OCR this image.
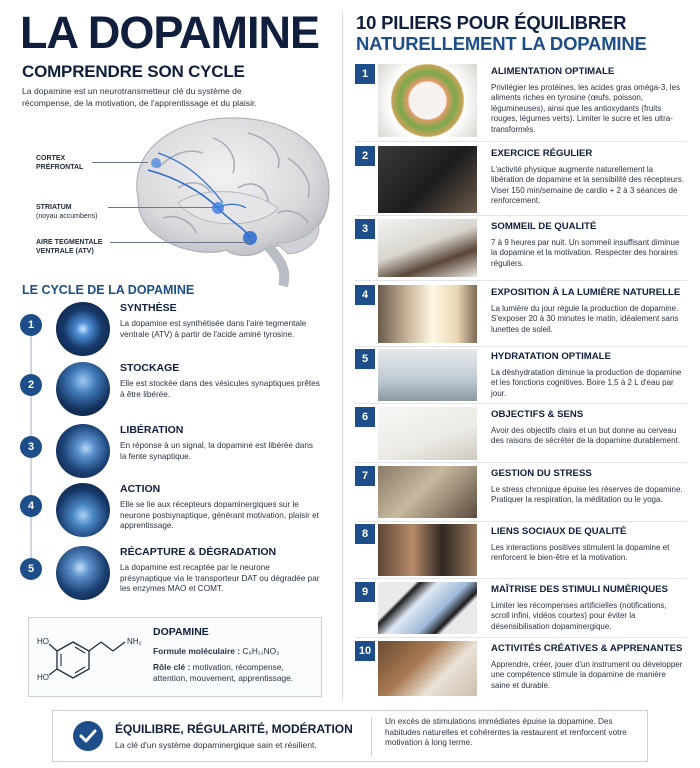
LA DOPAMINE
COMPRENDRE SON CYCLE
La dopamine est un neurotransmetteur clé du système de récompense, de la motivation, de l'apprentissage et du plaisir.
CORTEX
PRÉFRONTAL
STRIATUM
(noyau accumbens)
AIRE TEGMENTALE
VENTRALE (ATV)
LE CYCLE DE LA DOPAMINE
1
SYNTHÈSE

La dopamine est synthétisée dans l'aire tegmentale ventrale (ATV) à partir de l'acide aminé tyrosine.

2
STOCKAGE

Elle est stockée dans des vésicules synaptiques prêtes à être libérée.

3
LIBÉRATION

En réponse à un signal, la dopamine est libérée dans la fente synaptique.

4
ACTION

Elle se lie aux récepteurs dopaminergiques sur le neurone postsynaptique, générant motivation, plaisir et apprentissage.

5
RÉCAPTURE & DÉGRADATION

La dopamine est recaptée par le neurone présynaptique via le transporteur DAT ou dégradée par les enzymes MAO et COMT.

HO
HO
NH₂
DOPAMINE
Formule moléculaire : C₈H₁₁NO₂
Rôle clé : motivation, récompense, attention, mouvement, apprentissage.
10 PILIERS POUR ÉQUILIBRER
NATURELLEMENT LA DOPAMINE
1	ALIMENTATION OPTIMALE

Privilégier les protéines, les acides gras oméga-3, les aliments riches en tyrosine (œufs, poisson, légumineuses), ainsi que les antioxydants (fruits rouges, légumes verts). Limiter le sucre et les ultra-transformés.

2	EXERCICE RÉGULIER

L'activité physique augmente naturellement la libération de dopamine et la sensibilité des récepteurs. Viser 150 min/semaine de cardio + 2 à 3 séances de renforcement.

3	SOMMEIL DE QUALITÉ

7 à 9 heures par nuit. Un sommeil insuffisant diminue la dopamine et la motivation. Respecter des horaires réguliers.

4	EXPOSITION À LA LUMIÈRE NATURELLE

La lumière du jour régule la production de dopamine. S'exposer 20 à 30 minutes le matin, idéalement sans lunettes de soleil.

5	HYDRATATION OPTIMALE

La déshydratation diminue la production de dopamine et les fonctions cognitives. Boire 1,5 à 2 L d'eau par jour.

6	OBJECTIFS & SENS

Avoir des objectifs clairs et un but donne au cerveau des raisons de sécréter de la dopamine durablement.

7	GESTION DU STRESS

Le stress chronique épuise les réserves de dopamine. Pratiquer la respiration, la méditation ou le yoga.

8	LIENS SOCIAUX DE QUALITÉ

Les interactions positives stimulent la dopamine et renforcent le bien-être et la motivation.

9	MAÎTRISE DES STIMULI NUMÉRIQUES

Limiter les récompenses artificielles (notifications, scroll infini, vidéos courtes) pour éviter la désensibilisation dopaminergique.

10	ACTIVITÉS CRÉATIVES & APPRENANTES

Apprendre, créer, jouer d'un instrument ou développer une compétence stimule la dopamine de manière saine et durable.

ÉQUILIBRE, RÉGULARITÉ, MODÉRATION
La clé d'un système dopaminergique sain et résilient.
Un excès de stimulations immédiates épuise la dopamine. Des habitudes naturelles et cohérentes la restaurent et renforcent votre motivation à long terme.
